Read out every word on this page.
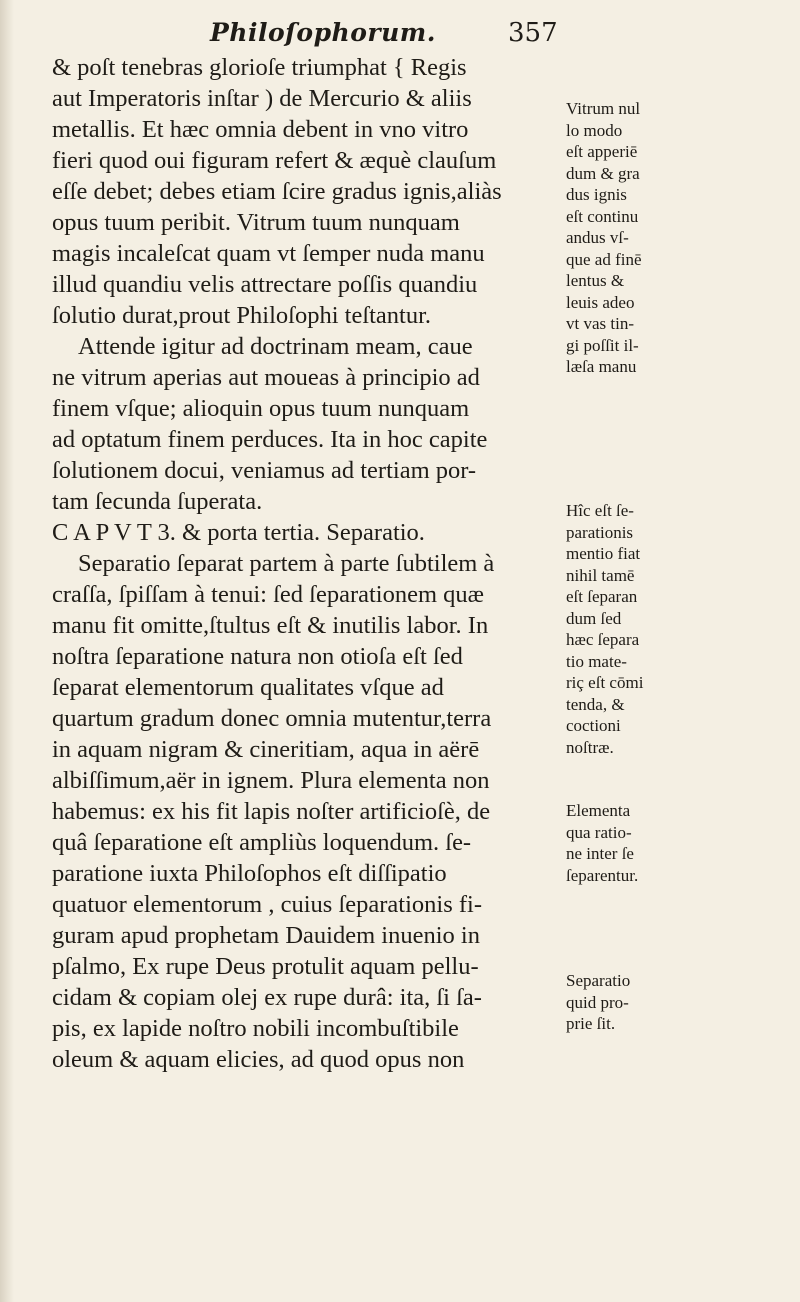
Philoſophorum.	357
& poſt tenebras glorioſe triumphat { Regis
aut Imperatoris inſtar ) de Mercurio & aliis
metallis. Et hæc omnia debent in vno vitro
fieri quod oui figuram refert & æquè clauſum
eſſe debet; debes etiam ſcire gradus ignis,aliàs
opus tuum peribit. Vitrum tuum nunquam
magis incaleſcat quam vt ſemper nuda manu
illud quandiu velis attrectare poſſis quandiu
ſolutio durat,prout Philoſophi teſtantur.
Attende igitur ad doctrinam meam, caue
ne vitrum aperias aut moueas à principio ad
finem vſque; alioquin opus tuum nunquam
ad optatum finem perduces. Ita in hoc capite
ſolutionem docui, veniamus ad tertiam por-
tam ſecunda ſuperata.
C A P V T 3. & porta tertia. Separatio.
Separatio ſeparat partem à parte ſubtilem à
craſſa, ſpiſſam à tenui: ſed ſeparationem quæ
manu fit omitte,ſtultus eſt & inutilis labor. In
noſtra ſeparatione natura non otioſa eſt ſed
ſeparat elementorum qualitates vſque ad
quartum gradum donec omnia mutentur,terra
in aquam nigram & cineritiam, aqua in aërē
albiſſimum,aër in ignem. Plura elementa non
habemus: ex his fit lapis noſter artificioſè, de
quâ ſeparatione eſt ampliùs loquendum. ſe-
paratione iuxta Philoſophos eſt diſſipatio
quatuor elementorum , cuius ſeparationis fi-
guram apud prophetam Dauidem inuenio in
pſalmo, Ex rupe Deus protulit aquam pellu-
cidam & copiam olej ex rupe durâ: ita, ſi ſa-
pis, ex lapide noſtro nobili incombuſtibile
oleum & aquam elicies, ad quod opus non
Vitrum nul
lo modo
eſt apperiē
dum & gra
dus ignis
eſt continu
andus vſ-
que ad finē
lentus &
leuis adeo
vt vas tin-
gi poſſit il-
læſa manu
Hîc eſt ſe-
parationis
mentio fiat
nihil tamē
eſt ſeparan
dum ſed
hæc ſepara
tio mate-
riç eſt cōmi
tenda, &
coctioni
noſtræ.
Elementa
qua ratio-
ne inter ſe
ſeparentur.
Separatio
quid pro-
prie ſit.
